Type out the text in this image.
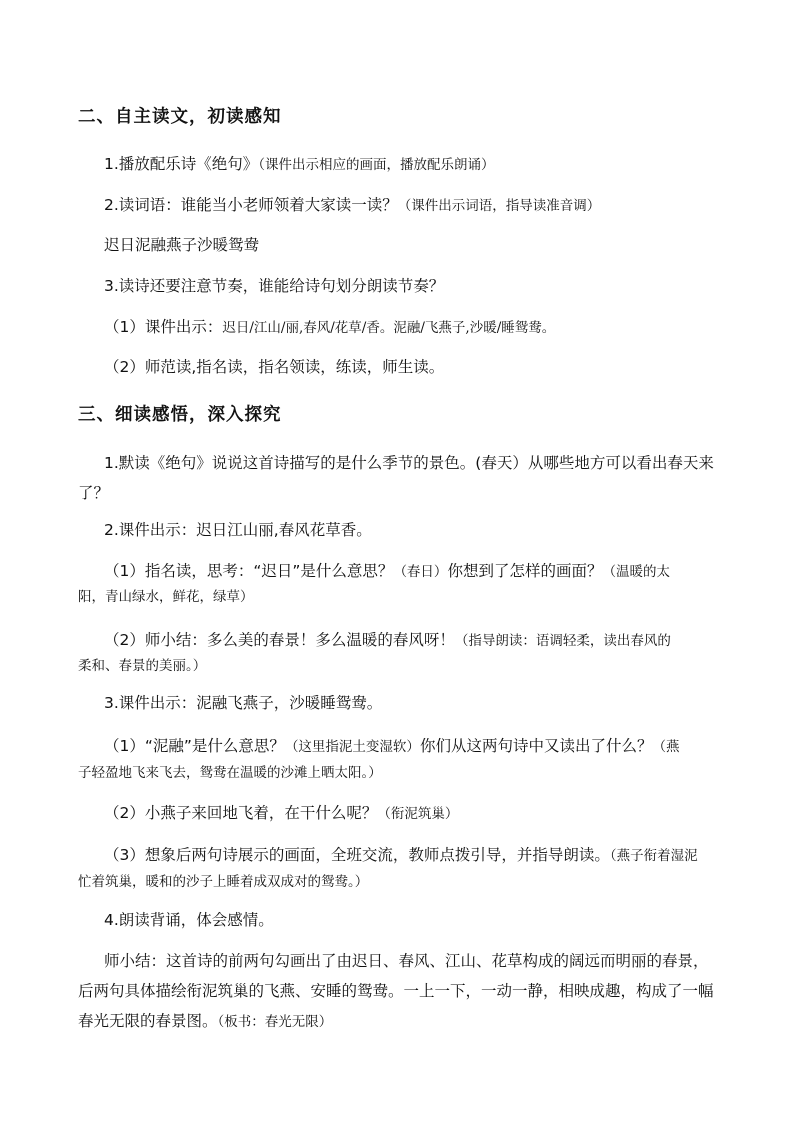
二、自主读文，初读感知
1.播放配乐诗《绝句》（课件出示相应的画面，播放配乐朗诵）
2.读词语：谁能当小老师领着大家读一读？（课件出示词语，指导读准音调）
迟日泥融燕子沙暖鸳鸯
3.读诗还要注意节奏，谁能给诗句划分朗读节奏？
（1）课件出示：迟日/江山/丽,春风/花草/香。泥融/飞燕子,沙暖/睡鸳鸯。
（2）师范读,指名读，指名领读，练读，师生读。
三、细读感悟，深入探究
1.默读《绝句》说说这首诗描写的是什么季节的景色。(春天）从哪些地方可以看出春天来了？
2.课件出示：迟日江山丽,春风花草香。
（1）指名读，思考：“迟日”是什么意思？（春日）你想到了怎样的画面？（温暖的太
阳，青山绿水，鲜花，绿草）
（2）师小结：多么美的春景！多么温暖的春风呀！（指导朗读：语调轻柔，读出春风的
柔和、春景的美丽。）
3.课件出示：泥融飞燕子，沙暖睡鸳鸯。
（1）“泥融”是什么意思？（这里指泥土变湿软）你们从这两句诗中又读出了什么？（燕
子轻盈地飞来飞去，鸳鸯在温暖的沙滩上晒太阳。）
（2）小燕子来回地飞着，在干什么呢？（衔泥筑巢）
（3）想象后两句诗展示的画面，全班交流，教师点拨引导，并指导朗读。（燕子衔着湿泥
忙着筑巢，暖和的沙子上睡着成双成对的鸳鸯。）
4.朗读背诵，体会感情。
师小结：这首诗的前两句勾画出了由迟日、春风、江山、花草构成的阔远而明丽的春景，后两句具体描绘衔泥筑巢的飞燕、安睡的鸳鸯。一上一下，一动一静，相映成趣，构成了一幅春光无限的春景图。（板书：春光无限）
